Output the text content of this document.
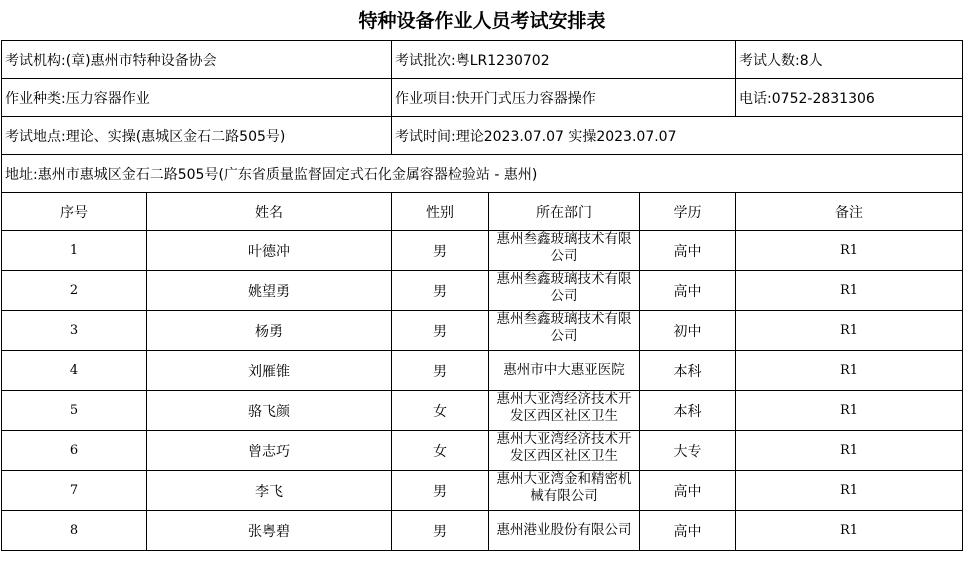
特种设备作业人员考试安排表
考试机构:(章)惠州市特种设备协会		考试批次:粤LR1230702			考试人数:8人
作业种类:压力容器作业		作业项目:快开门式压力容器操作			电话:0752-2831306
考试地点:理论、实操(惠城区金石二路505号)		考试时间:理论2023.07.07 实操2023.07.07			
地址:惠州市惠城区金石二路505号(广东省质量监督固定式石化金属容器检验站 - 惠州)					
序号	姓名	性别	所在部门	学历	备注
1	叶德冲	男	惠州叁鑫玻璃技术有限公司	高中	R1
2	姚望勇	男	惠州叁鑫玻璃技术有限公司	高中	R1
3	杨勇	男	惠州叁鑫玻璃技术有限公司	初中	R1
4	刘雁锥	男	惠州市中大惠亚医院	本科	R1
5	骆飞颜	女	惠州大亚湾经济技术开发区西区社区卫生	本科	R1
6	曾志巧	女	惠州大亚湾经济技术开发区西区社区卫生	大专	R1
7	李飞	男	惠州大亚湾金和精密机械有限公司	高中	R1
8	张粤碧	男	惠州港业股份有限公司	高中	R1
